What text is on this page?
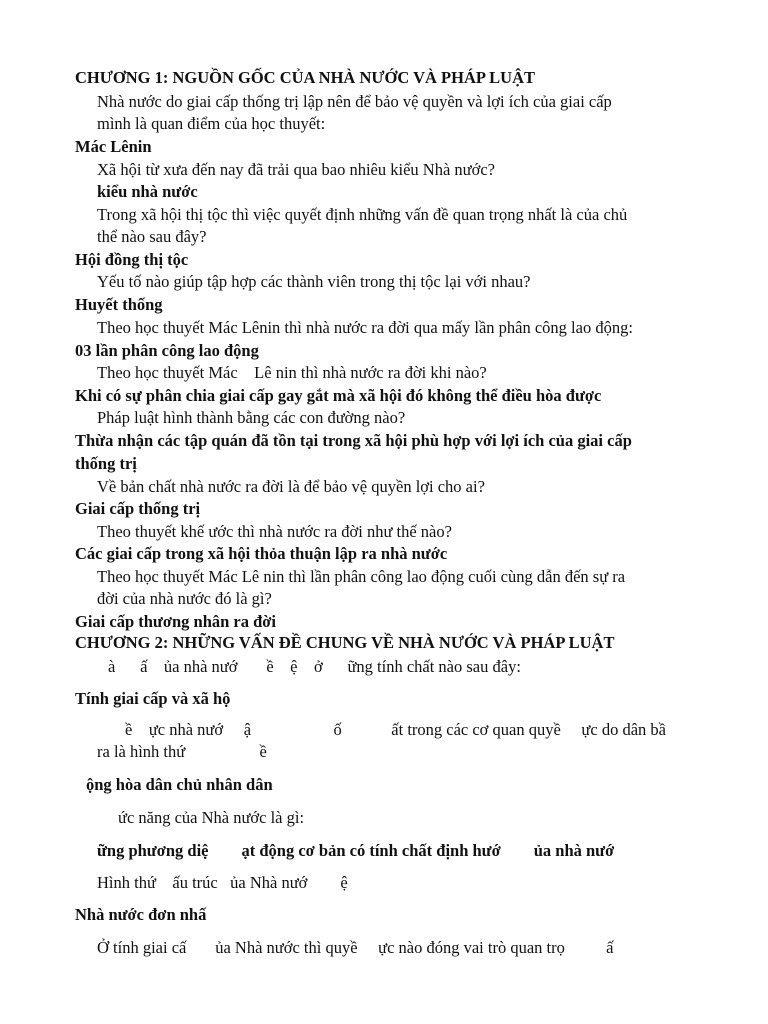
CHƯƠNG 1: NGUỒN GỐC CỦA NHÀ NƯỚC VÀ PHÁP LUẬT
Nhà nước do giai cấp thống trị lập nên để bảo vệ quyền và lợi ích của giai cấp
mình là quan điểm của học thuyết:
Mác Lênin
Xã hội từ xưa đến nay đã trải qua bao nhiêu kiểu Nhà nước?
kiểu nhà nước
Trong xã hội thị tộc thì việc quyết định những vấn đề quan trọng nhất là của chủ
thể nào sau đây?
Hội đồng thị tộc
Yếu tố nào giúp tập hợp các thành viên trong thị tộc lại với nhau?
Huyết thống
Theo học thuyết Mác Lênin thì nhà nước ra đời qua mấy lần phân công lao động:
03 lần phân công lao động
Theo học thuyết Mác    Lê nin thì nhà nước ra đời khi nào?
Khi có sự phân chia giai cấp gay gắt mà xã hội đó không thể điều hòa được
Pháp luật hình thành bằng các con đường nào?
Thừa nhận các tập quán đã tồn tại trong xã hội phù hợp với lợi ích của giai cấp
thống trị
Về bản chất nhà nước ra đời là để bảo vệ quyền lợi cho ai?
Giai cấp thống trị
Theo thuyết khế ước thì nhà nước ra đời như thế nào?
Các giai cấp trong xã hội thỏa thuận lập ra nhà nước
Theo học thuyết Mác Lê nin thì lần phân công lao động cuối cùng dẫn đến sự ra
đời của nhà nước đó là gì?
Giai cấp thương nhân ra đời
CHƯƠNG 2: NHỮNG VẤN ĐỀ CHUNG VỀ NHÀ NƯỚC VÀ PHÁP LUẬT
à      ấ    ủa nhà nướ       ề    ệ    ở      ững tính chất nào sau đây:
Tính giai cấp và xã hộ
ề    ực nhà nướ     ậ                    ố            ất trong các cơ quan quyề     ực do dân bầ
ra là hình thứ                  ề
ộng hòa dân chủ nhân dân
ức năng của Nhà nước là gì:
ững phương diệ        ạt động cơ bản có tính chất định hướ        ủa nhà nướ
Hình thứ    ấu trúc   ủa Nhà nướ        ệ
Nhà nước đơn nhấ
Ở tính giai cấ       ủa Nhà nước thì quyề     ực nào đóng vai trò quan trọ          ấ
